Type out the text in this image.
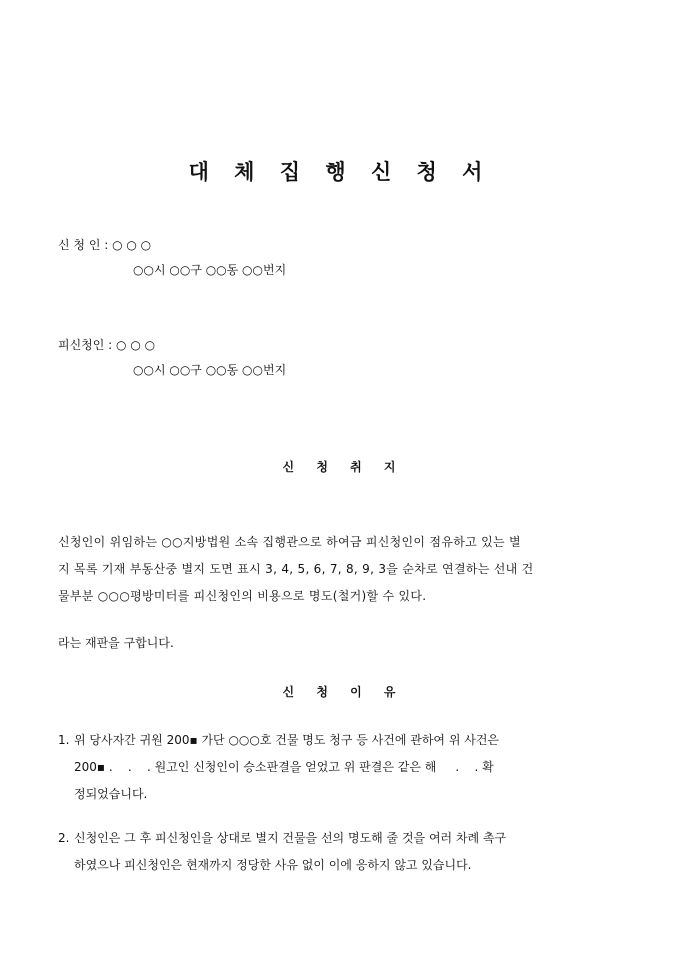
대 체 집 행 신 청 서
신 청 인 : ○ ○ ○
○○시 ○○구 ○○동 ○○번지
피신청인 : ○ ○ ○
○○시 ○○구 ○○동 ○○번지
신 청 취 지
신청인이 위임하는 ○○지방법원 소속 집행관으로 하여금 피신청인이 점유하고 있는 별
지 목록 기재 부동산중 별지 도면 표시 3, 4, 5, 6, 7, 8, 9, 3을 순차로 연결하는 선내 건
물부분 ○○○평방미터를 피신청인의 비용으로 명도(철거)할 수 있다.
라는 재판을 구합니다.
신 청 이 유
1. 위 당사자간 귀원 200▪ 가단 ○○○호 건물 명도 청구 등 사건에 관하여 위 사건은
200▪ .    .    . 원고인 신청인이 승소판결을 얻었고 위 판결은 같은 해     .    . 확
정되었습니다.
2. 신청인은 그 후 피신청인을 상대로 별지 건물을 선의 명도해 줄 것을 여러 차례 촉구
하였으나 피신청인은 현재까지 정당한 사유 없이 이에 응하지 않고 있습니다.
